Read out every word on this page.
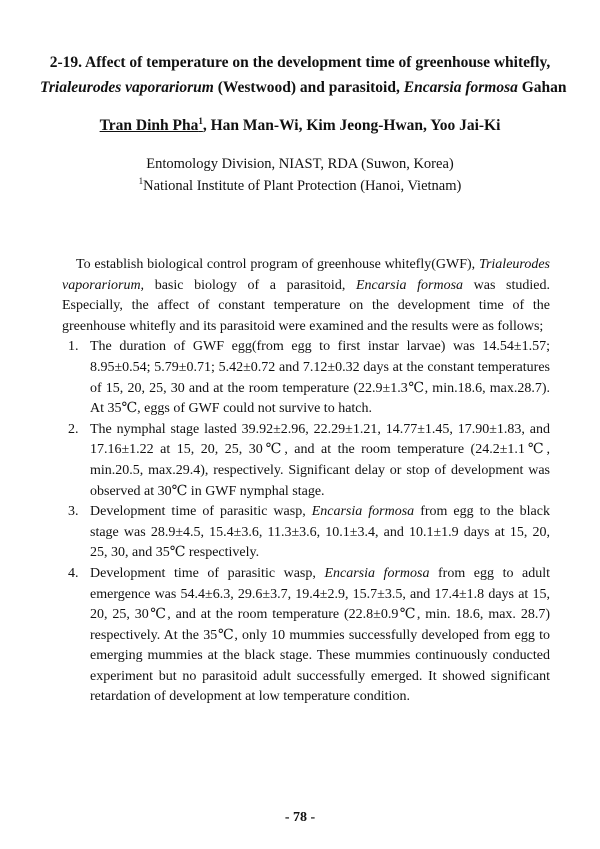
2-19. Affect of temperature on the development time of greenhouse whitefly,
Trialeurodes vaporariorum (Westwood) and parasitoid, Encarsia formosa Gahan

Tran Dinh Pha$^1$, Han Man-Wi, Kim Jeong-Hwan, Yoo Jai-Ki

Entomology Division, NIAST, RDA (Suwon, Korea)
$^1$National Institute of Plant Protection (Hanoi, Vietnam)

To establish biological control program of greenhouse whitefly(GWF), Trialeurodes vaporariorum, basic biology of a parasitoid, Encarsia formosa was studied. Especially, the affect of constant temperature on the development time of the greenhouse whitefly and its parasitoid were examined and the results were as follows;

1. The duration of GWF egg(from egg to first instar larvae) was 14.54±1.57; 8.95±0.54; 5.79±0.71; 5.42±0.72 and 7.12±0.32 days at the constant temperatures of 15, 20, 25, 30 and at the room temperature (22.9±1.3℃, min.18.6, max.28.7). At 35℃, eggs of GWF could not survive to hatch.
2. The nymphal stage lasted 39.92±2.96, 22.29±1.21, 14.77±1.45, 17.90±1.83, and 17.16±1.22 at 15, 20, 25, 30℃, and at the room temperature (24.2±1.1℃, min.20.5, max.29.4), respectively. Significant delay or stop of development was observed at 30℃ in GWF nymphal stage.
3. Development time of parasitic wasp, Encarsia formosa from egg to the black stage was 28.9±4.5, 15.4±3.6, 11.3±3.6, 10.1±3.4, and 10.1±1.9 days at 15, 20, 25, 30, and 35℃ respectively.
4. Development time of parasitic wasp, Encarsia formosa from egg to adult emergence was 54.4±6.3, 29.6±3.7, 19.4±2.9, 15.7±3.5, and 17.4±1.8 days at 15, 20, 25, 30℃, and at the room temperature (22.8±0.9℃, min. 18.6, max. 28.7) respectively. At the 35℃, only 10 mummies successfully developed from egg to emerging mummies at the black stage. These mummies continuously conducted experiment but no parasitoid adult successfully emerged. It showed significant retardation of development at low temperature condition.

- 78 -
